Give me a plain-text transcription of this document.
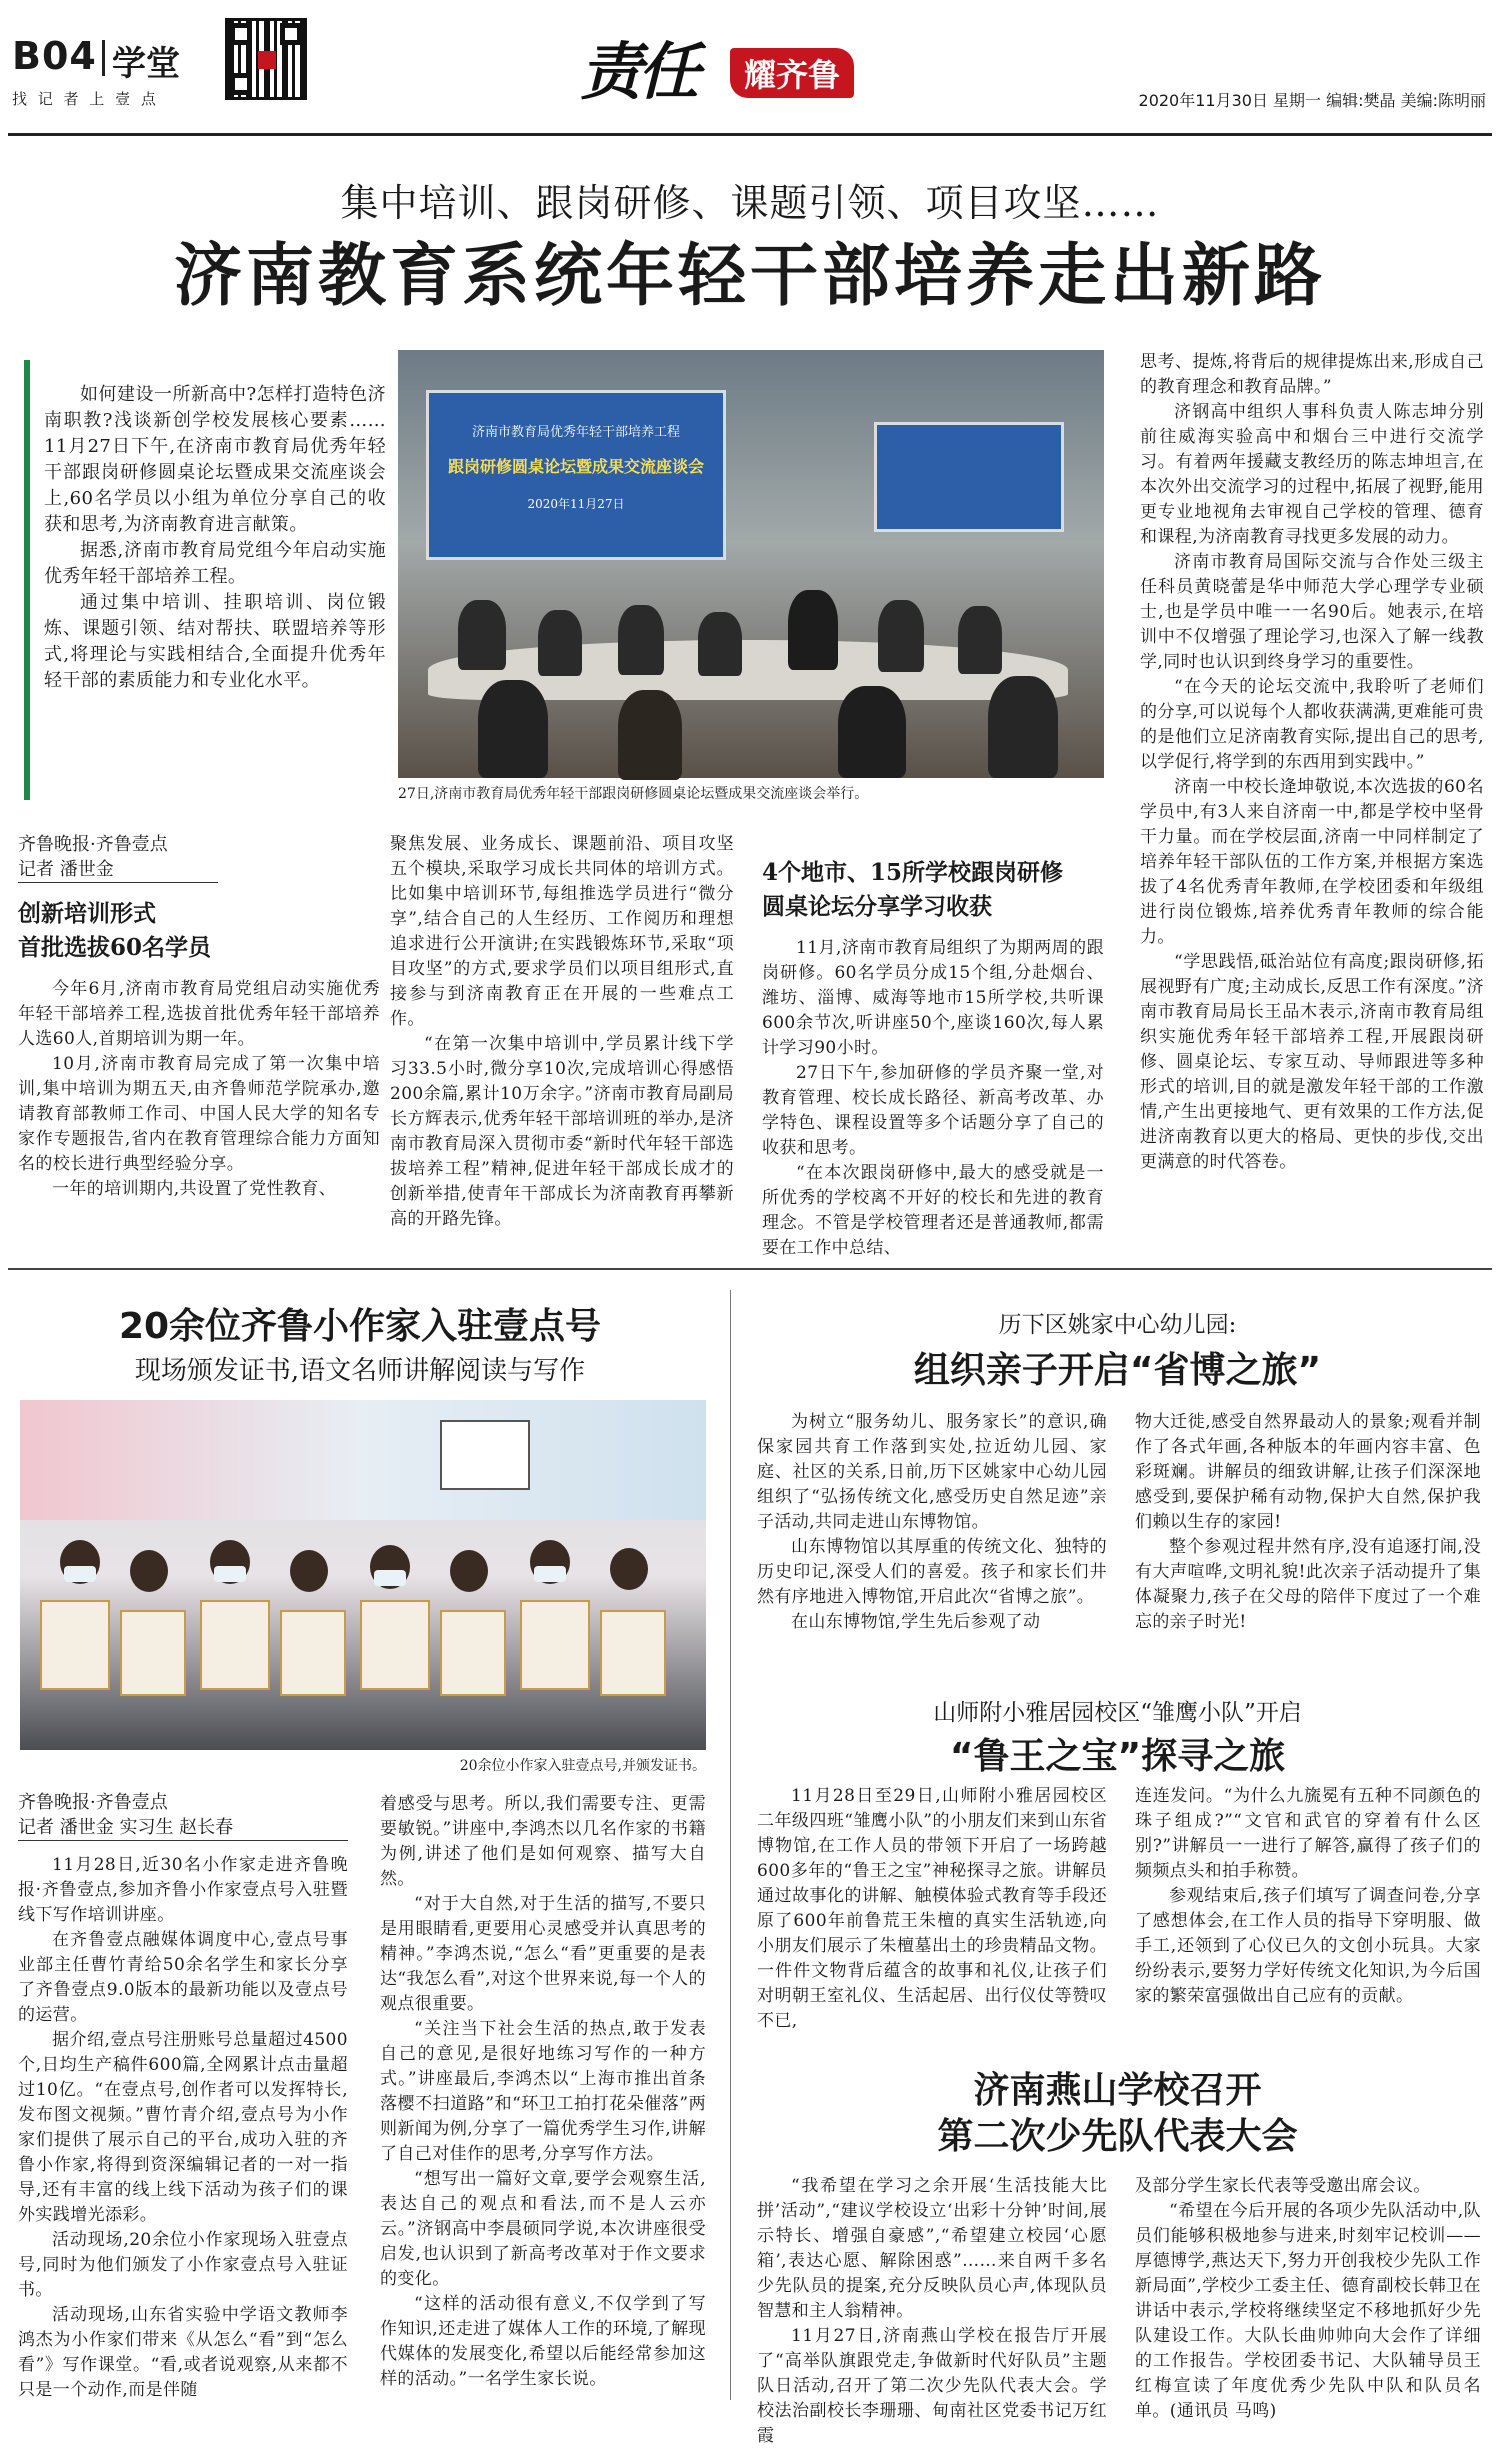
B04 学堂
找 记 者 上 壹 点	责任	耀齐鲁
2020年11月30日 星期一 编辑:樊晶 美编:陈明丽
集中培训、跟岗研修、课题引领、项目攻坚……
济南教育系统年轻干部培养走出新路

如何建设一所新高中?怎样打造特色济南职教?浅谈新创学校发展核心要素……11月27日下午,在济南市教育局优秀年轻干部跟岗研修圆桌论坛暨成果交流座谈会上,60名学员以小组为单位分享自己的收获和思考,为济南教育进言献策。

据悉,济南市教育局党组今年启动实施优秀年轻干部培养工程。

通过集中培训、挂职培训、岗位锻炼、课题引领、结对帮扶、联盟培养等形式,将理论与实践相结合,全面提升优秀年轻干部的素质能力和专业化水平。

济南市教育局优秀年轻干部培养工程
跟岗研修圆桌论坛暨成果交流座谈会
2020年11月27日
27日,济南市教育局优秀年轻干部跟岗研修圆桌论坛暨成果交流座谈会举行。
齐鲁晚报·齐鲁壹点
记者 潘世金
创新培训形式
首批选拔60名学员

今年6月,济南市教育局党组启动实施优秀年轻干部培养工程,选拔首批优秀年轻干部培养人选60人,首期培训为期一年。

10月,济南市教育局完成了第一次集中培训,集中培训为期五天,由齐鲁师范学院承办,邀请教育部教师工作司、中国人民大学的知名专家作专题报告,省内在教育管理综合能力方面知名的校长进行典型经验分享。

一年的培训期内,共设置了党性教育、

聚焦发展、业务成长、课题前沿、项目攻坚五个模块,采取学习成长共同体的培训方式。比如集中培训环节,每组推选学员进行“微分享”,结合自己的人生经历、工作阅历和理想追求进行公开演讲;在实践锻炼环节,采取“项目攻坚”的方式,要求学员们以项目组形式,直接参与到济南教育正在开展的一些难点工作。

“在第一次集中培训中,学员累计线下学习33.5小时,微分享10次,完成培训心得感悟200余篇,累计10万余字。”济南市教育局副局长方辉表示,优秀年轻干部培训班的举办,是济南市教育局深入贯彻市委“新时代年轻干部选拔培养工程”精神,促进年轻干部成长成才的创新举措,使青年干部成长为济南教育再攀新高的开路先锋。

4个地市、15所学校跟岗研修
圆桌论坛分享学习收获

11月,济南市教育局组织了为期两周的跟岗研修。60名学员分成15个组,分赴烟台、潍坊、淄博、威海等地市15所学校,共听课600余节次,听讲座50个,座谈160次,每人累计学习90小时。

27日下午,参加研修的学员齐聚一堂,对教育管理、校长成长路径、新高考改革、办学特色、课程设置等多个话题分享了自己的收获和思考。

“在本次跟岗研修中,最大的感受就是一所优秀的学校离不开好的校长和先进的教育理念。不管是学校管理者还是普通教师,都需要在工作中总结、

思考、提炼,将背后的规律提炼出来,形成自己的教育理念和教育品牌。”

济钢高中组织人事科负责人陈志坤分别前往威海实验高中和烟台三中进行交流学习。有着两年援藏支教经历的陈志坤坦言,在本次外出交流学习的过程中,拓展了视野,能用更专业地视角去审视自己学校的管理、德育和课程,为济南教育寻找更多发展的动力。

济南市教育局国际交流与合作处三级主任科员黄晓蕾是华中师范大学心理学专业硕士,也是学员中唯一一名90后。她表示,在培训中不仅增强了理论学习,也深入了解一线教学,同时也认识到终身学习的重要性。

“在今天的论坛交流中,我聆听了老师们的分享,可以说每个人都收获满满,更难能可贵的是他们立足济南教育实际,提出自己的思考,以学促行,将学到的东西用到实践中。”

济南一中校长逄坤敬说,本次选拔的60名学员中,有3人来自济南一中,都是学校中坚骨干力量。而在学校层面,济南一中同样制定了培养年轻干部队伍的工作方案,并根据方案选拔了4名优秀青年教师,在学校团委和年级组进行岗位锻炼,培养优秀青年教师的综合能力。

“学思践悟,砥治站位有高度;跟岗研修,拓展视野有广度;主动成长,反思工作有深度。”济南市教育局局长王品木表示,济南市教育局组织实施优秀年轻干部培养工程,开展跟岗研修、圆桌论坛、专家互动、导师跟进等多种形式的培训,目的就是激发年轻干部的工作激情,产生出更接地气、更有效果的工作方法,促进济南教育以更大的格局、更快的步伐,交出更满意的时代答卷。

20余位齐鲁小作家入驻壹点号
现场颁发证书,语文名师讲解阅读与写作
20余位小作家入驻壹点号,并颁发证书。
齐鲁晚报·齐鲁壹点
记者 潘世金 实习生 赵长春

11月28日,近30名小作家走进齐鲁晚报·齐鲁壹点,参加齐鲁小作家壹点号入驻暨线下写作培训讲座。

在齐鲁壹点融媒体调度中心,壹点号事业部主任曹竹青给50余名学生和家长分享了齐鲁壹点9.0版本的最新功能以及壹点号的运营。

据介绍,壹点号注册账号总量超过4500个,日均生产稿件600篇,全网累计点击量超过10亿。“在壹点号,创作者可以发挥特长,发布图文视频。”曹竹青介绍,壹点号为小作家们提供了展示自己的平台,成功入驻的齐鲁小作家,将得到资深编辑记者的一对一指导,还有丰富的线上线下活动为孩子们的课外实践增光添彩。

活动现场,20余位小作家现场入驻壹点号,同时为他们颁发了小作家壹点号入驻证书。

活动现场,山东省实验中学语文教师李鸿杰为小作家们带来《从怎么“看”到“怎么看”》写作课堂。“看,或者说观察,从来都不只是一个动作,而是伴随

着感受与思考。所以,我们需要专注、更需要敏锐。”讲座中,李鸿杰以几名作家的书籍为例,讲述了他们是如何观察、描写大自然。

“对于大自然,对于生活的描写,不要只是用眼睛看,更要用心灵感受并认真思考的精神。”李鸿杰说,“怎么“看”更重要的是表达“我怎么看”,对这个世界来说,每一个人的观点很重要。

“关注当下社会生活的热点,敢于发表自己的意见,是很好地练习写作的一种方式。”讲座最后,李鸿杰以“上海市推出首条落樱不扫道路”和“环卫工拍打花朵催落”两则新闻为例,分享了一篇优秀学生习作,讲解了自己对佳作的思考,分享写作方法。

“想写出一篇好文章,要学会观察生活,表达自己的观点和看法,而不是人云亦云。”济钢高中李晨硕同学说,本次讲座很受启发,也认识到了新高考改革对于作文要求的变化。

“这样的活动很有意义,不仅学到了写作知识,还走进了媒体人工作的环境,了解现代媒体的发展变化,希望以后能经常参加这样的活动。”一名学生家长说。

历下区姚家中心幼儿园:
组织亲子开启“省博之旅”

为树立“服务幼儿、服务家长”的意识,确保家园共育工作落到实处,拉近幼儿园、家庭、社区的关系,日前,历下区姚家中心幼儿园组织了“弘扬传统文化,感受历史自然足迹”亲子活动,共同走进山东博物馆。

山东博物馆以其厚重的传统文化、独特的历史印记,深受人们的喜爱。孩子和家长们井然有序地进入博物馆,开启此次“省博之旅”。

在山东博物馆,学生先后参观了动

物大迁徙,感受自然界最动人的景象;观看并制作了各式年画,各种版本的年画内容丰富、色彩斑斓。讲解员的细致讲解,让孩子们深深地感受到,要保护稀有动物,保护大自然,保护我们赖以生存的家园!

整个参观过程井然有序,没有追逐打闹,没有大声喧哗,文明礼貌!此次亲子活动提升了集体凝聚力,孩子在父母的陪伴下度过了一个难忘的亲子时光!

山师附小雅居园校区“雏鹰小队”开启
“鲁王之宝”探寻之旅

11月28日至29日,山师附小雅居园校区二年级四班“雏鹰小队”的小朋友们来到山东省博物馆,在工作人员的带领下开启了一场跨越600多年的“鲁王之宝”神秘探寻之旅。讲解员通过故事化的讲解、触模体验式教育等手段还原了600年前鲁荒王朱檀的真实生活轨迹,向小朋友们展示了朱檀墓出土的珍贵精品文物。一件件文物背后蕴含的故事和礼仪,让孩子们对明朝王室礼仪、生活起居、出行仪仗等赞叹不已,

连连发问。“为什么九旒冕有五种不同颜色的珠子组成?”“文官和武官的穿着有什么区别?”讲解员一一进行了解答,赢得了孩子们的频频点头和拍手称赞。

参观结束后,孩子们填写了调查问卷,分享了感想体会,在工作人员的指导下穿明服、做手工,还领到了心仪已久的文创小玩具。大家纷纷表示,要努力学好传统文化知识,为今后国家的繁荣富强做出自己应有的贡献。

济南燕山学校召开
第二次少先队代表大会

“我希望在学习之余开展‘生活技能大比拼’活动”,“建议学校设立‘出彩十分钟’时间,展示特长、增强自豪感”,“希望建立校园‘心愿箱’,表达心愿、解除困惑”……来自两千多名少先队员的提案,充分反映队员心声,体现队员智慧和主人翁精神。

11月27日,济南燕山学校在报告厅开展了“高举队旗跟党走,争做新时代好队员”主题队日活动,召开了第二次少先队代表大会。学校法治副校长李珊珊、甸南社区党委书记万红霞

及部分学生家长代表等受邀出席会议。

“希望在今后开展的各项少先队活动中,队员们能够积极地参与进来,时刻牢记校训——厚德博学,燕达天下,努力开创我校少先队工作新局面”,学校少工委主任、德育副校长韩卫在讲话中表示,学校将继续坚定不移地抓好少先队建设工作。大队长曲帅帅向大会作了详细的工作报告。学校团委书记、大队辅导员王红梅宣读了年度优秀少先队中队和队员名单。(通讯员 马鸣)
